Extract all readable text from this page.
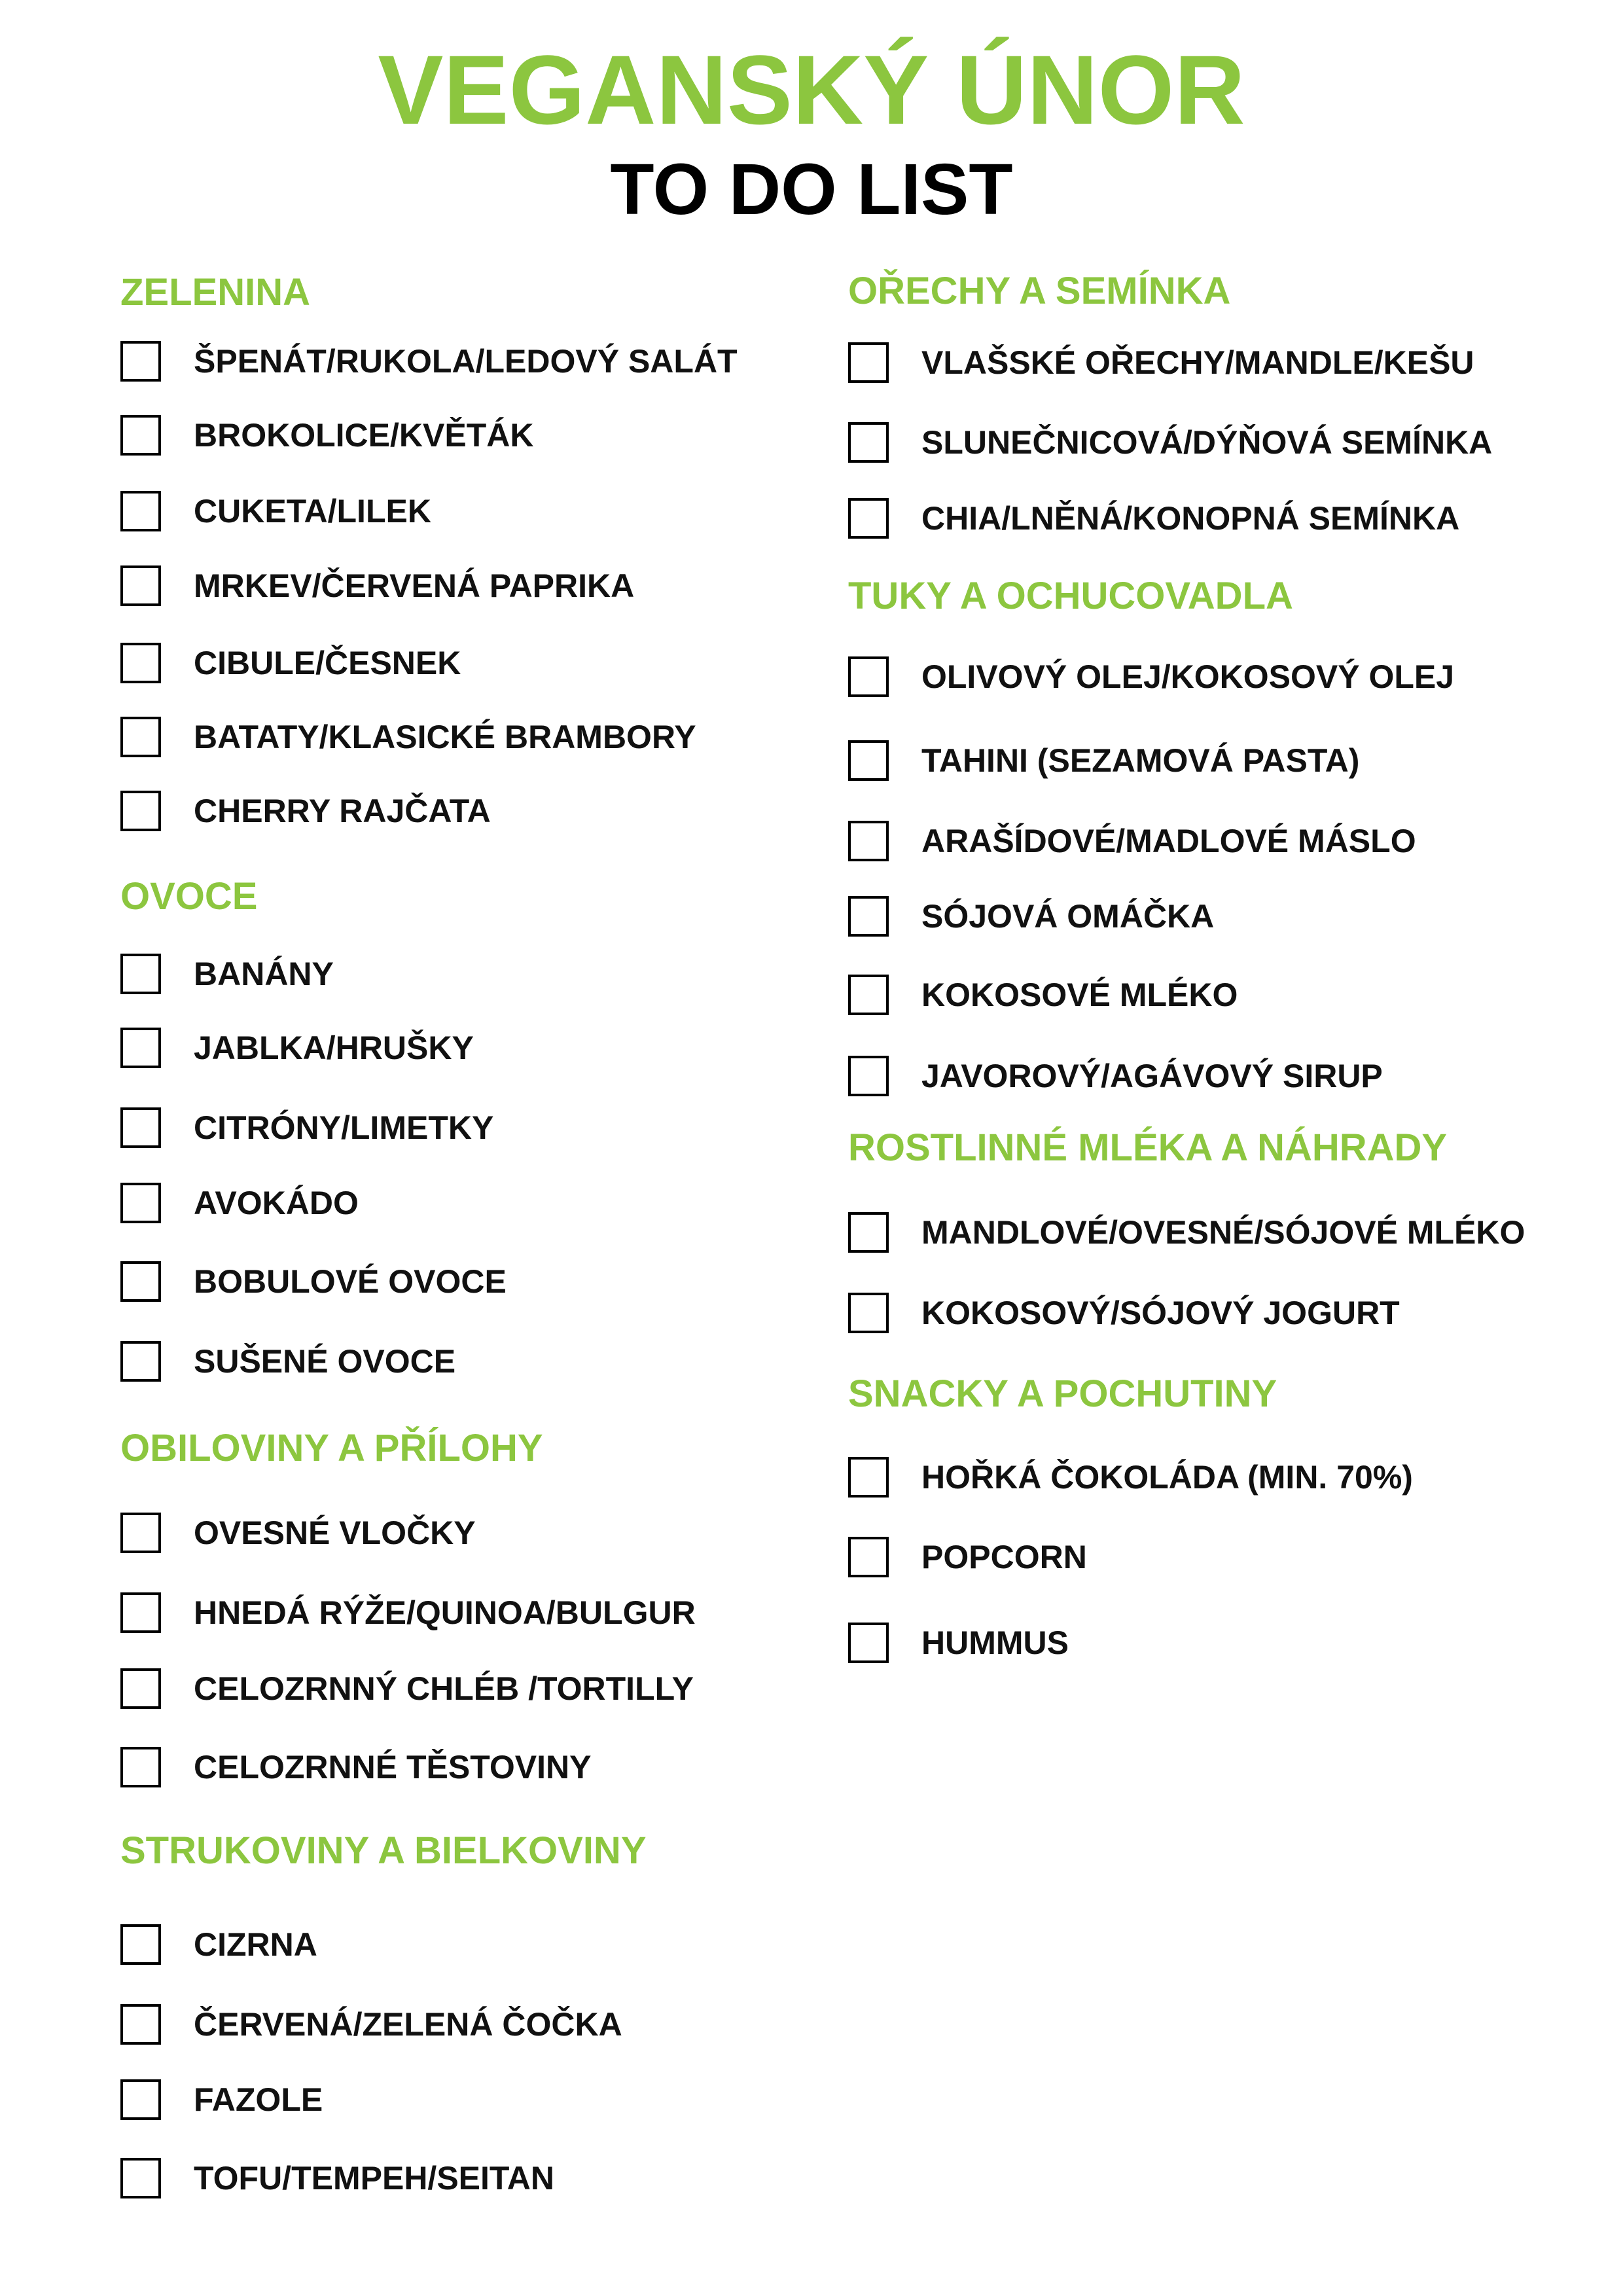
VEGANSKÝ ÚNOR
TO DO LIST
ZELENINA
ŠPENÁT/RUKOLA/LEDOVÝ SALÁT
BROKOLICE/KVĚTÁK
CUKETA/LILEK
MRKEV/ČERVENÁ PAPRIKA
CIBULE/ČESNEK
BATATY/KLASICKÉ BRAMBORY
CHERRY RAJČATA
OVOCE
BANÁNY
JABLKA/HRUŠKY
CITRÓNY/LIMETKY
AVOKÁDO
BOBULOVÉ OVOCE
SUŠENÉ OVOCE
OBILOVINY A PŘÍLOHY
OVESNÉ VLOČKY
HNEDÁ RÝŽE/QUINOA/BULGUR
CELOZRNNÝ CHLÉB /TORTILLY
CELOZRNNÉ TĚSTOVINY
STRUKOVINY A BIELKOVINY
CIZRNA
ČERVENÁ/ZELENÁ ČOČKA
FAZOLE
TOFU/TEMPEH/SEITAN
OŘECHY A SEMÍNKA
VLAŠSKÉ OŘECHY/MANDLE/KEŠU
SLUNEČNICOVÁ/DÝŇOVÁ SEMÍNKA
CHIA/LNĚNÁ/KONOPNÁ SEMÍNKA
TUKY A OCHUCOVADLA
OLIVOVÝ OLEJ/KOKOSOVÝ OLEJ
TAHINI (SEZAMOVÁ PASTA)
ARAŠÍDOVÉ/MADLOVÉ MÁSLO
SÓJOVÁ OMÁČKA
KOKOSOVÉ MLÉKO
JAVOROVÝ/AGÁVOVÝ SIRUP
ROSTLINNÉ MLÉKA A NÁHRADY
MANDLOVÉ/OVESNÉ/SÓJOVÉ MLÉKO
KOKOSOVÝ/SÓJOVÝ JOGURT
SNACKY A POCHUTINY
HOŘKÁ ČOKOLÁDA (MIN. 70%)
POPCORN
HUMMUS
